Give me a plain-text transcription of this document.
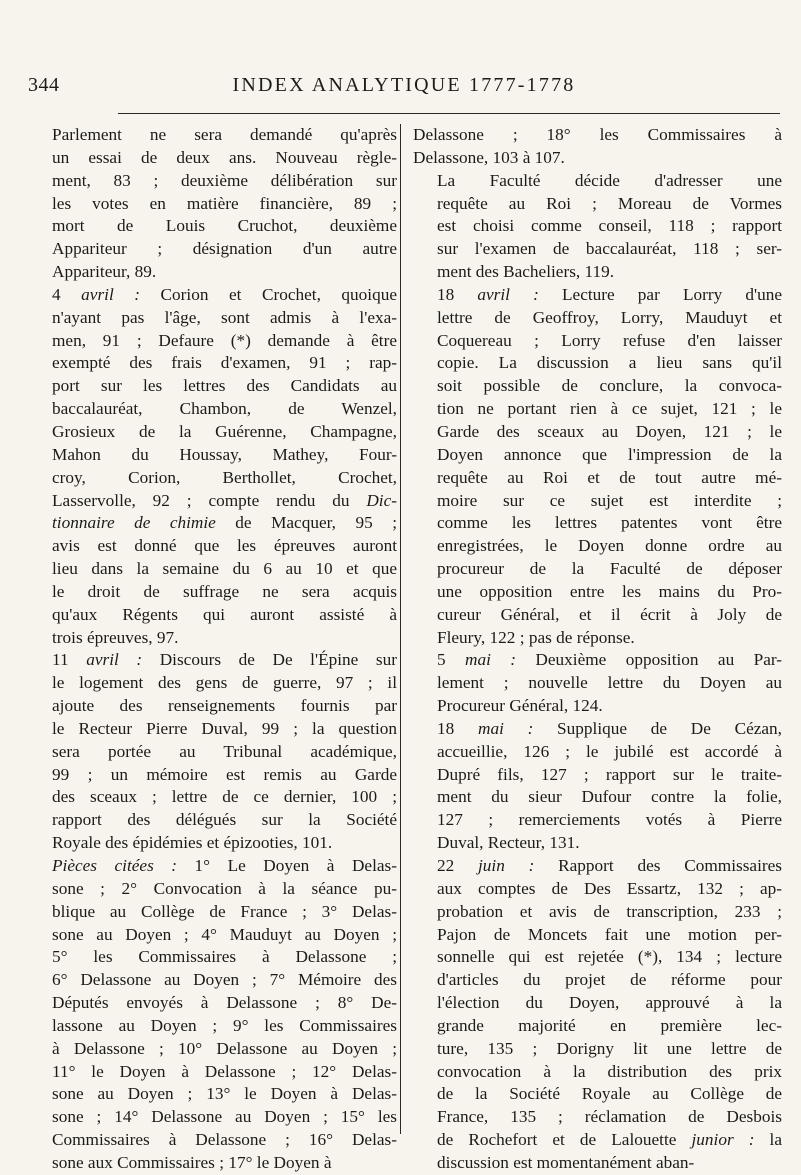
344	INDEX ANALYTIQUE 1777-1778

Parlement ne sera demandé qu'après
un essai de deux ans. Nouveau règle-
ment, 83 ; deuxième délibération sur
les votes en matière financière, 89 ;
mort de Louis Cruchot, deuxième
Appariteur ; désignation d'un autre
Appariteur, 89.

4 avril : Corion et Crochet, quoique
n'ayant pas l'âge, sont admis à l'exa-
men, 91 ; Defaure (*) demande à être
exempté des frais d'examen, 91 ; rap-
port sur les lettres des Candidats au
baccalauréat, Chambon, de Wenzel,
Grosieux de la Guérenne, Champagne,
Mahon du Houssay, Mathey, Four-
croy, Corion, Berthollet, Crochet,
Lasservolle, 92 ; compte rendu du Dic-
tionnaire de chimie de Macquer, 95 ;
avis est donné que les épreuves auront
lieu dans la semaine du 6 au 10 et que
le droit de suffrage ne sera acquis
qu'aux Régents qui auront assisté à
trois épreuves, 97.

11 avril : Discours de De l'Épine sur
le logement des gens de guerre, 97 ; il
ajoute des renseignements fournis par
le Recteur Pierre Duval, 99 ; la question
sera portée au Tribunal académique,
99 ; un mémoire est remis au Garde
des sceaux ; lettre de ce dernier, 100 ;
rapport des délégués sur la Société
Royale des épidémies et épizooties, 101.

Pièces citées : 1° Le Doyen à Delas-
sone ; 2° Convocation à la séance pu-
blique au Collège de France ; 3° Delas-
sone au Doyen ; 4° Mauduyt au Doyen ;
5° les Commissaires à Delassone ;
6° Delassone au Doyen ; 7° Mémoire des
Députés envoyés à Delassone ; 8° De-
lassone au Doyen ; 9° les Commissaires
à Delassone ; 10° Delassone au Doyen ;
11° le Doyen à Delassone ; 12° Delas-
sone au Doyen ; 13° le Doyen à Delas-
sone ; 14° Delassone au Doyen ; 15° les
Commissaires à Delassone ; 16° Delas-
sone aux Commissaires ; 17° le Doyen à

Delassone ; 18° les Commissaires à
Delassone, 103 à 107.

La Faculté décide d'adresser une
requête au Roi ; Moreau de Vormes
est choisi comme conseil, 118 ; rapport
sur l'examen de baccalauréat, 118 ; ser-
ment des Bacheliers, 119.

18 avril : Lecture par Lorry d'une
lettre de Geoffroy, Lorry, Mauduyt et
Coquereau ; Lorry refuse d'en laisser
copie. La discussion a lieu sans qu'il
soit possible de conclure, la convoca-
tion ne portant rien à ce sujet, 121 ; le
Garde des sceaux au Doyen, 121 ; le
Doyen annonce que l'impression de la
requête au Roi et de tout autre mé-
moire sur ce sujet est interdite ;
comme les lettres patentes vont être
enregistrées, le Doyen donne ordre au
procureur de la Faculté de déposer
une opposition entre les mains du Pro-
cureur Général, et il écrit à Joly de
Fleury, 122 ; pas de réponse.

5 mai : Deuxième opposition au Par-
lement ; nouvelle lettre du Doyen au
Procureur Général, 124.

18 mai : Supplique de De Cézan,
accueillie, 126 ; le jubilé est accordé à
Dupré fils, 127 ; rapport sur le traite-
ment du sieur Dufour contre la folie,
127 ; remerciements votés à Pierre
Duval, Recteur, 131.

22 juin : Rapport des Commissaires
aux comptes de Des Essartz, 132 ; ap-
probation et avis de transcription, 233 ;
Pajon de Moncets fait une motion per-
sonnelle qui est rejetée (*), 134 ; lecture
d'articles du projet de réforme pour
l'élection du Doyen, approuvé à la
grande majorité en première lec-
ture, 135 ; Dorigny lit une lettre de
convocation à la distribution des prix
de la Société Royale au Collège de
France, 135 ; réclamation de Desbois
de Rochefort et de Lalouette junior : la
discussion est momentanément aban-
